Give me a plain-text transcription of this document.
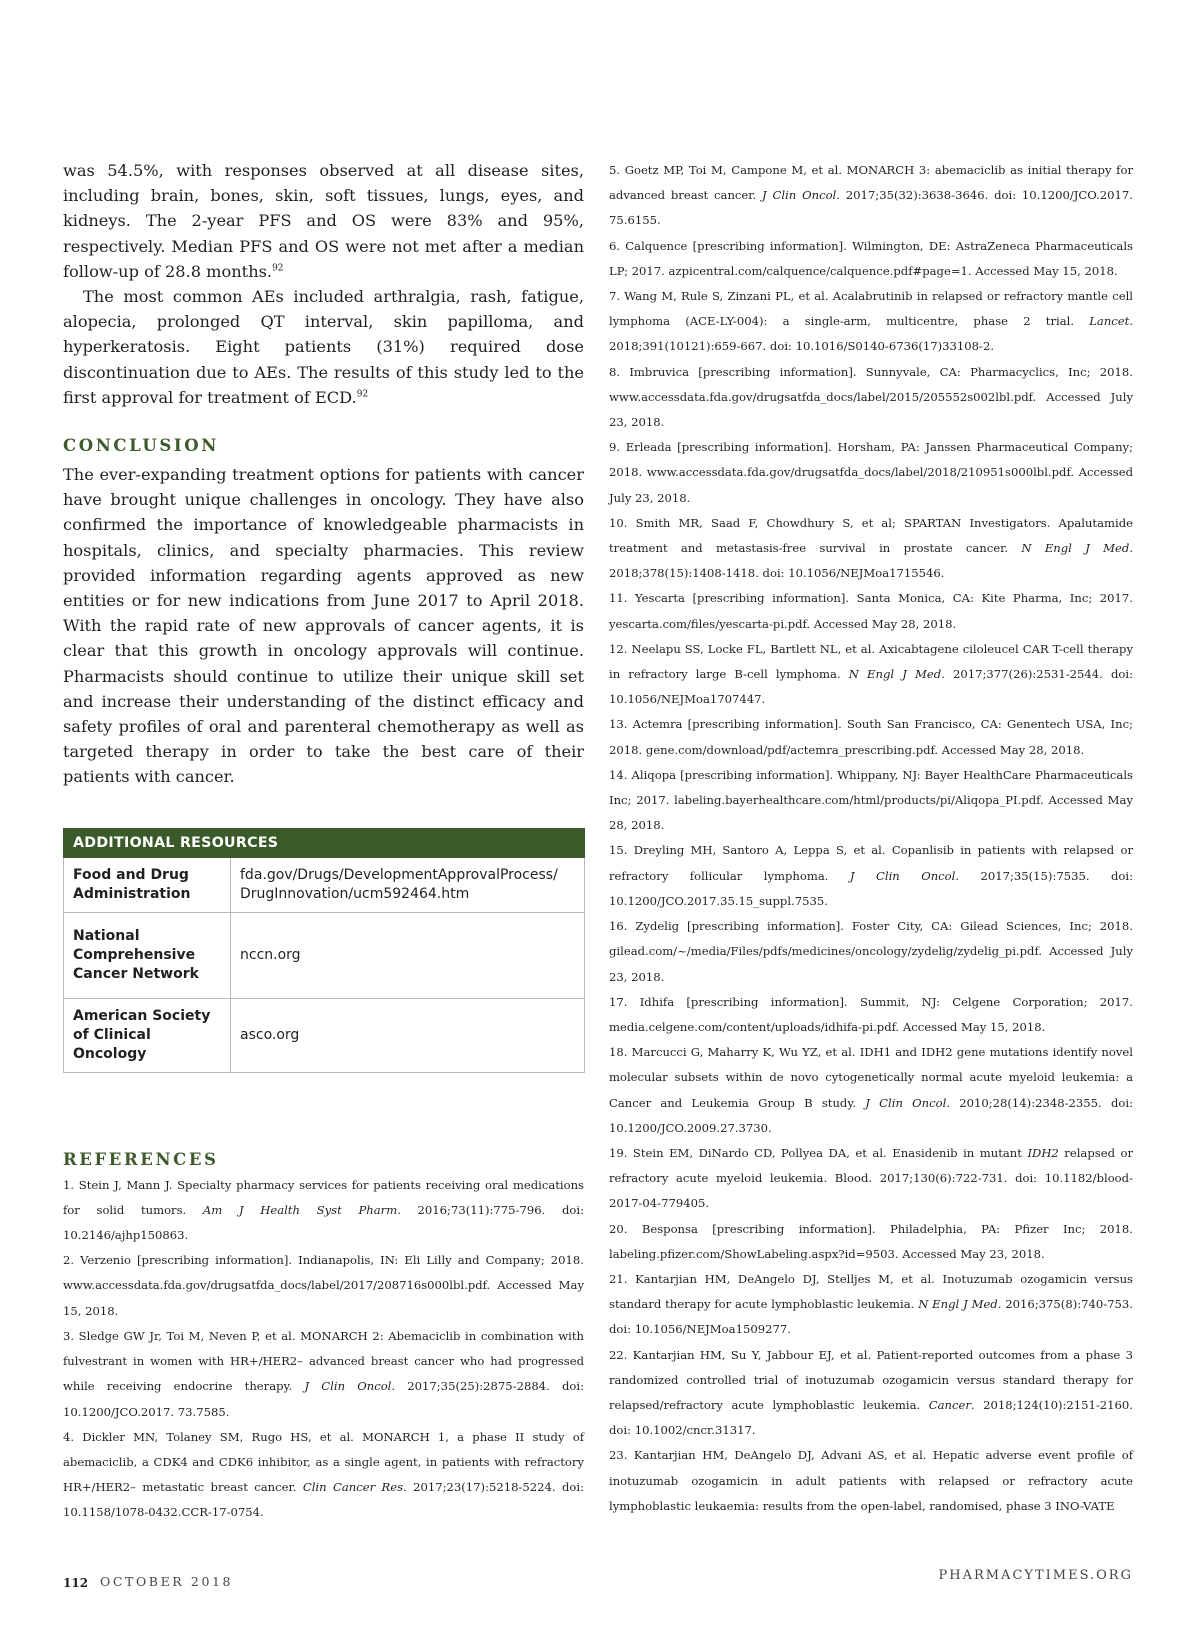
was 54.5%, with responses observed at all disease sites, including brain, bones, skin, soft tissues, lungs, eyes, and kidneys. The 2-year PFS and OS were 83% and 95%, respectively. Median PFS and OS were not met after a median follow-up of 28.8 months.$^{92}$

The most common AEs included arthralgia, rash, fatigue, alopecia, prolonged QT interval, skin papilloma, and hyperkeratosis. Eight patients (31%) required dose discontinuation due to AEs. The results of this study led to the first approval for treatment of ECD.$^{92}$

CONCLUSION

The ever-expanding treatment options for patients with cancer have brought unique challenges in oncology. They have also confirmed the importance of knowledgeable pharmacists in hospitals, clinics, and specialty pharmacies. This review provided information regarding agents approved as new entities or for new indications from June 2017 to April 2018. With the rapid rate of new approvals of cancer agents, it is clear that this growth in oncology approvals will continue. Pharmacists should continue to utilize their unique skill set and increase their understanding of the distinct efficacy and safety profiles of oral and parenteral chemotherapy as well as targeted therapy in order to take the best care of their patients with cancer.

ADDITIONAL RESOURCES	
Food and Drug Administration	fda.gov/Drugs/DevelopmentApprovalProcess/ DrugInnovation/ucm592464.htm
National Comprehensive Cancer Network	nccn.org
American Society of Clinical Oncology	asco.org
REFERENCES

1. Stein J, Mann J. Specialty pharmacy services for patients receiving oral medications for solid tumors. Am J Health Syst Pharm. 2016;73(11):775-796. doi: 10.2146/ajhp150863.

2. Verzenio [prescribing information]. Indianapolis, IN: Eli Lilly and Company; 2018. www.accessdata.fda.gov/drugsatfda_docs/label/2017/208716s000lbl.pdf. Accessed May 15, 2018.

3. Sledge GW Jr, Toi M, Neven P, et al. MONARCH 2: Abemaciclib in combination with fulvestrant in women with HR+/HER2– advanced breast cancer who had progressed while receiving endocrine therapy. J Clin Oncol. 2017;35(25):2875-2884. doi: 10.1200/JCO.2017. 73.7585.

4. Dickler MN, Tolaney SM, Rugo HS, et al. MONARCH 1, a phase II study of abemaciclib, a CDK4 and CDK6 inhibitor, as a single agent, in patients with refractory HR+/HER2– metastatic breast cancer. Clin Cancer Res. 2017;23(17):5218-5224. doi: 10.1158/1078-0432.CCR-17-0754.

5. Goetz MP, Toi M, Campone M, et al. MONARCH 3: abemaciclib as initial therapy for advanced breast cancer. J Clin Oncol. 2017;35(32):3638-3646. doi: 10.1200/JCO.2017. 75.6155.

6. Calquence [prescribing information]. Wilmington, DE: AstraZeneca Pharmaceuticals LP; 2017. azpicentral.com/calquence/calquence.pdf#page=1. Accessed May 15, 2018.

7. Wang M, Rule S, Zinzani PL, et al. Acalabrutinib in relapsed or refractory mantle cell lymphoma (ACE-LY-004): a single-arm, multicentre, phase 2 trial. Lancet. 2018;391(10121):659-667. doi: 10.1016/S0140-6736(17)33108-2.

8. Imbruvica [prescribing information]. Sunnyvale, CA: Pharmacyclics, Inc; 2018. www.accessdata.fda.gov/drugsatfda_docs/label/2015/205552s002lbl.pdf. Accessed July 23, 2018.

9. Erleada [prescribing information]. Horsham, PA: Janssen Pharmaceutical Company; 2018. www.accessdata.fda.gov/drugsatfda_docs/label/2018/210951s000lbl.pdf. Accessed July 23, 2018.

10. Smith MR, Saad F, Chowdhury S, et al; SPARTAN Investigators. Apalutamide treatment and metastasis-free survival in prostate cancer. N Engl J Med. 2018;378(15):1408-1418. doi: 10.1056/NEJMoa1715546.

11. Yescarta [prescribing information]. Santa Monica, CA: Kite Pharma, Inc; 2017. yescarta.com/files/yescarta-pi.pdf. Accessed May 28, 2018.

12. Neelapu SS, Locke FL, Bartlett NL, et al. Axicabtagene ciloleucel CAR T-cell therapy in refractory large B-cell lymphoma. N Engl J Med. 2017;377(26):2531-2544. doi: 10.1056/NEJMoa1707447.

13. Actemra [prescribing information]. South San Francisco, CA: Genentech USA, Inc; 2018. gene.com/download/pdf/actemra_prescribing.pdf. Accessed May 28, 2018.

14. Aliqopa [prescribing information]. Whippany, NJ: Bayer HealthCare Pharmaceuticals Inc; 2017. labeling.bayerhealthcare.com/html/products/pi/Aliqopa_PI.pdf. Accessed May 28, 2018.

15. Dreyling MH, Santoro A, Leppa S, et al. Copanlisib in patients with relapsed or refractory follicular lymphoma. J Clin Oncol. 2017;35(15):7535. doi: 10.1200/JCO.2017.35.15_suppl.7535.

16. Zydelig [prescribing information]. Foster City, CA: Gilead Sciences, Inc; 2018. gilead.com/~/media/Files/pdfs/medicines/oncology/zydelig/zydelig_pi.pdf. Accessed July 23, 2018.

17. Idhifa [prescribing information]. Summit, NJ: Celgene Corporation; 2017. media.celgene.com/content/uploads/idhifa-pi.pdf. Accessed May 15, 2018.

18. Marcucci G, Maharry K, Wu YZ, et al. IDH1 and IDH2 gene mutations identify novel molecular subsets within de novo cytogenetically normal acute myeloid leukemia: a Cancer and Leukemia Group B study. J Clin Oncol. 2010;28(14):2348-2355. doi: 10.1200/JCO.2009.27.3730.

19. Stein EM, DiNardo CD, Pollyea DA, et al. Enasidenib in mutant IDH2 relapsed or refractory acute myeloid leukemia. Blood. 2017;130(6):722-731. doi: 10.1182/blood-2017-04-779405.

20. Besponsa [prescribing information]. Philadelphia, PA: Pfizer Inc; 2018. labeling.pfizer.com/ShowLabeling.aspx?id=9503. Accessed May 23, 2018.

21. Kantarjian HM, DeAngelo DJ, Stelljes M, et al. Inotuzumab ozogamicin versus standard therapy for acute lymphoblastic leukemia. N Engl J Med. 2016;375(8):740-753. doi: 10.1056/NEJMoa1509277.

22. Kantarjian HM, Su Y, Jabbour EJ, et al. Patient-reported outcomes from a phase 3 randomized controlled trial of inotuzumab ozogamicin versus standard therapy for relapsed/refractory acute lymphoblastic leukemia. Cancer. 2018;124(10):2151-2160. doi: 10.1002/cncr.31317.

23. Kantarjian HM, DeAngelo DJ, Advani AS, et al. Hepatic adverse event profile of inotuzumab ozogamicin in adult patients with relapsed or refractory acute lymphoblastic leukaemia: results from the open-label, randomised, phase 3 INO-VATE

112 OCTOBER 2018	PHARMACYTIMES.ORG
